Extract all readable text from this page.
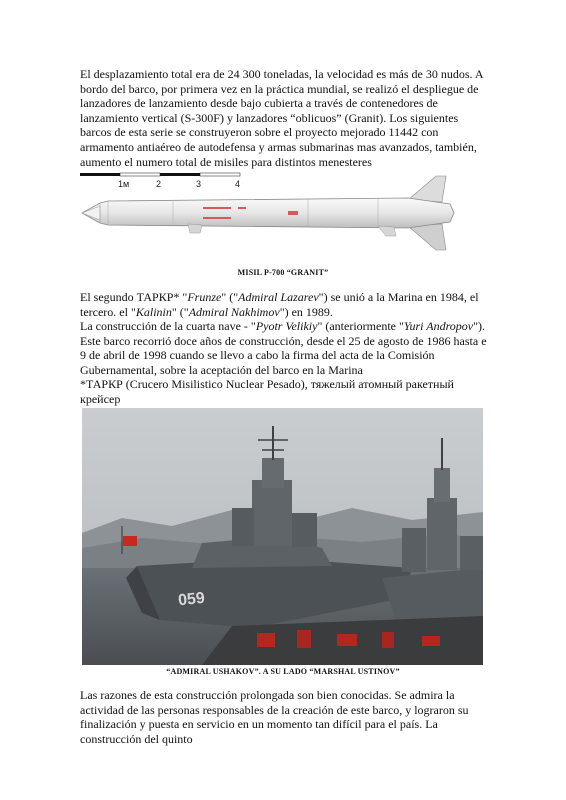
El desplazamiento total era de 24 300 toneladas, la velocidad es más de 30 nudos. A bordo del barco, por primera vez en la práctica mundial, se realizó el despliegue de lanzadores de lanzamiento desde bajo cubierta a través de contenedores de lanzamiento vertical (S-300F) y lanzadores “oblicuos” (Granit). Los siguientes barcos de esta serie se construyeron sobre el proyecto mejorado 11442 con armamento antiaéreo de autodefensa y armas submarinas mas avanzados, también, aumento el numero total de misiles para distintos menesteres

1м	2	3	4
MISIL P-700 “GRANIT”

El segundo ТАРКР* "Frunze" ("Admiral Lazarev") se unió a la Marina en 1984, el tercero. el "Kalinin" ("Admiral Nakhimov") en 1989.
La construcción de la cuarta nave - "Pyotr Velikiy" (anteriormente "Yuri Andropov"). Este barco recorrió doce años de construcción, desde el 25 de agosto de 1986 hasta e 9 de abril de 1998 cuando se llevo a cabo la firma del acta de la Comisión Gubernamental, sobre la aceptación del barco en la Marina

*ТАРКР (Crucero Misilistico Nuclear Pesado), тяжелый атомный ракетный крейсер

059
“ADMIRAL USHAKOV”. A SU LADO “MARSHAL USTINOV”

Las razones de esta construcción prolongada son bien conocidas. Se admira la actividad de las personas responsables de la creación de este barco, y lograron su finalización y puesta en servicio en un momento tan difícil para el país. La construcción del quinto
